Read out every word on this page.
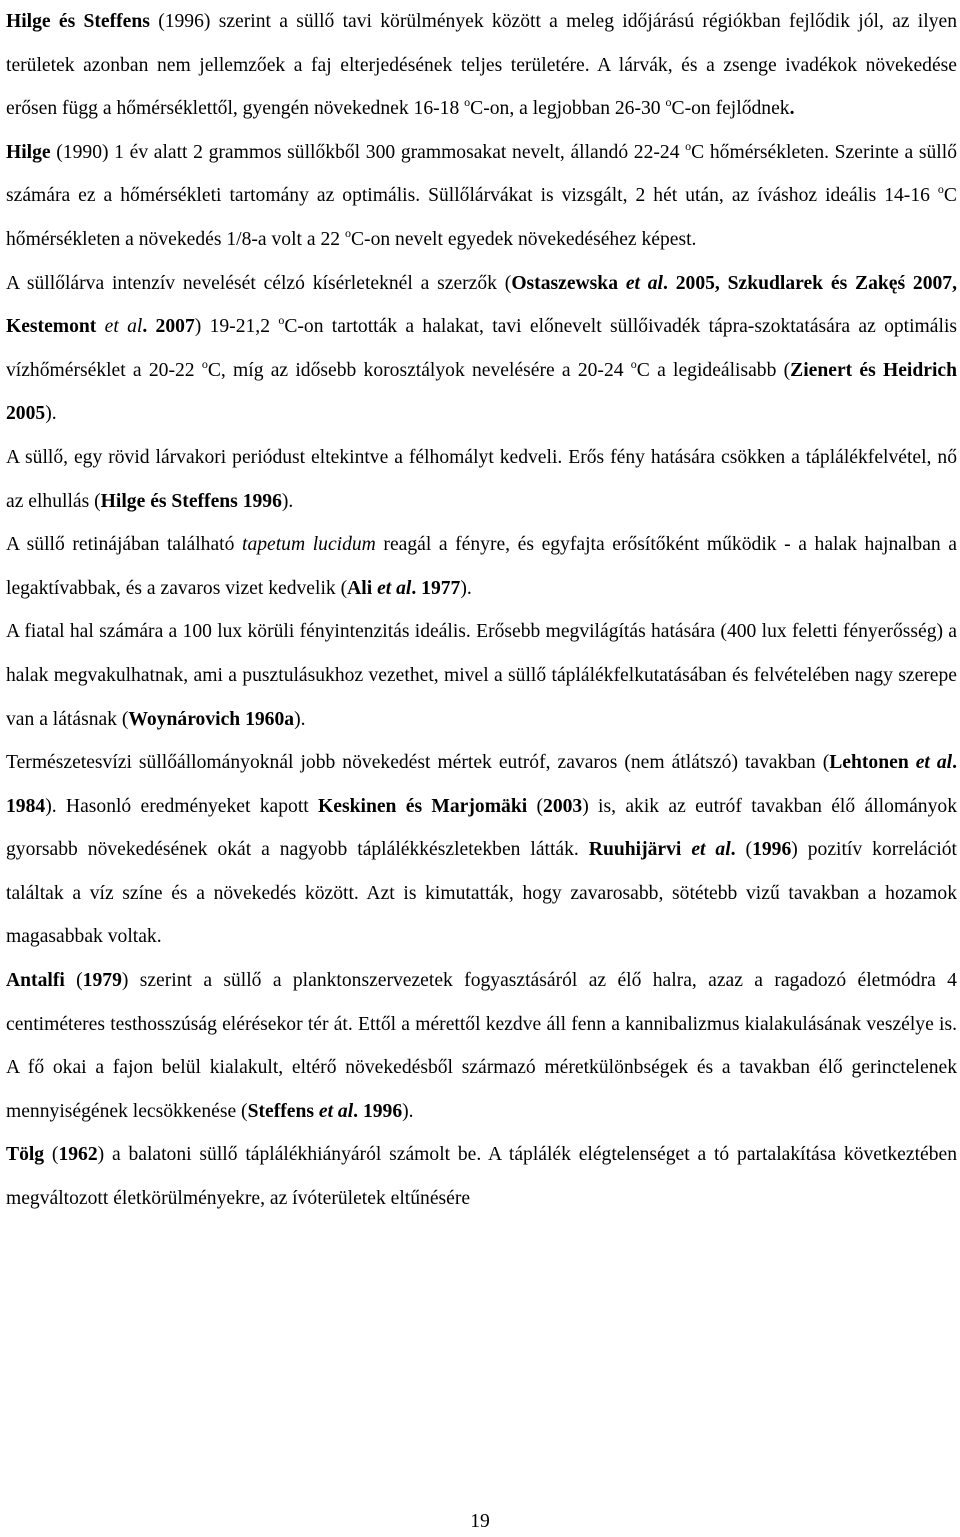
Hilge és Steffens (1996) szerint a süllő tavi körülmények között a meleg időjárású régiókban fejlődik jól, az ilyen területek azonban nem jellemzőek a faj elterjedésének teljes területére. A lárvák, és a zsenge ivadékok növekedése erősen függ a hőmérséklettől, gyengén növekednek 16-18 $^o$C-on, a legjobban 26-30 $^o$C-on fejlődnek.

Hilge (1990) 1 év alatt 2 grammos süllőkből 300 grammosakat nevelt, állandó 22-24 $^o$C hőmérsékleten. Szerinte a süllő számára ez a hőmérsékleti tartomány az optimális. Süllőlárvákat is vizsgált, 2 hét után, az íváshoz ideális 14-16 $^o$C hőmérsékleten a növekedés 1/8-a volt a 22 $^o$C-on nevelt egyedek növekedéséhez képest.

A süllőlárva intenzív nevelését célzó kísérleteknél a szerzők (Ostaszewska et al. 2005, Szkudlarek és Zakęś 2007, Kestemont et al. 2007) 19-21,2 $^o$C-on tartották a halakat, tavi előnevelt süllőivadék tápra-szoktatására az optimális vízhőmérséklet a 20-22 $^o$C, míg az idősebb korosztályok nevelésére a 20-24 $^o$C a legideálisabb (Zienert és Heidrich 2005).

A süllő, egy rövid lárvakori periódust eltekintve a félhomályt kedveli. Erős fény hatására csökken a táplálékfelvétel, nő az elhullás (Hilge és Steffens 1996).

A süllő retinájában található tapetum lucidum reagál a fényre, és egyfajta erősítőként működik - a halak hajnalban a legaktívabbak, és a zavaros vizet kedvelik (Ali et al. 1977).

A fiatal hal számára a 100 lux körüli fényintenzitás ideális. Erősebb megvilágítás hatására (400 lux feletti fényerősség) a halak megvakulhatnak, ami a pusztulásukhoz vezethet, mivel a süllő táplálékfelkutatásában és felvételében nagy szerepe van a látásnak (Woynárovich 1960a).

Természetesvízi süllőállományoknál jobb növekedést mértek eutróf, zavaros (nem átlátszó) tavakban (Lehtonen et al. 1984). Hasonló eredményeket kapott Keskinen és Marjomäki (2003) is, akik az eutróf tavakban élő állományok gyorsabb növekedésének okát a nagyobb táplálékkészletekben látták. Ruuhijärvi et al. (1996) pozitív korrelációt találtak a víz színe és a növekedés között. Azt is kimutatták, hogy zavarosabb, sötétebb vizű tavakban a hozamok magasabbak voltak.

Antalfi (1979) szerint a süllő a planktonszervezetek fogyasztásáról az élő halra, azaz a ragadozó életmódra 4 centiméteres testhosszúság elérésekor tér át. Ettől a mérettől kezdve áll fenn a kannibalizmus kialakulásának veszélye is. A fő okai a fajon belül kialakult, eltérő növekedésből származó méretkülönbségek és a tavakban élő gerinctelenek mennyiségének lecsökkenése (Steffens et al. 1996).

Tölg (1962) a balatoni süllő táplálékhiányáról számolt be. A táplálék elégtelenséget a tó partalakítása következtében megváltozott életkörülményekre, az ívóterületek eltűnésére

19
